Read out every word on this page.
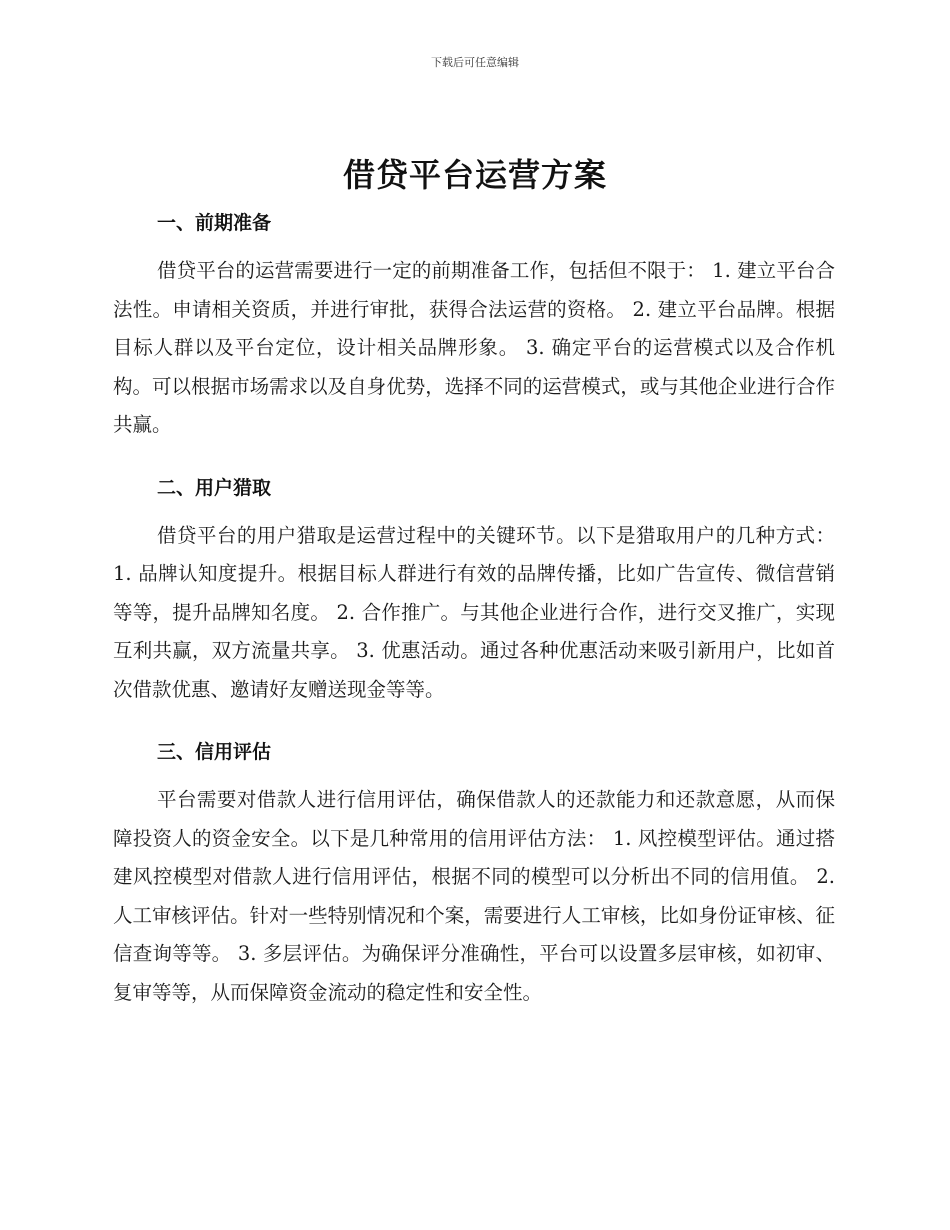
下载后可任意编辑
借贷平台运营方案
一、前期准备

借贷平台的运营需要进行一定的前期准备工作，包括但不限于： 1. 建立平台合法性。申请相关资质，并进行审批，获得合法运营的资格。 2. 建立平台品牌。根据目标人群以及平台定位，设计相关品牌形象。 3. 确定平台的运营模式以及合作机构。可以根据市场需求以及自身优势，选择不同的运营模式，或与其他企业进行合作共赢。

二、用户猎取

借贷平台的用户猎取是运营过程中的关键环节。以下是猎取用户的几种方式： 1. 品牌认知度提升。根据目标人群进行有效的品牌传播，比如广告宣传、微信营销等等，提升品牌知名度。 2. 合作推广。与其他企业进行合作，进行交叉推广，实现互利共赢，双方流量共享。 3. 优惠活动。通过各种优惠活动来吸引新用户，比如首次借款优惠、邀请好友赠送现金等等。

三、信用评估

平台需要对借款人进行信用评估，确保借款人的还款能力和还款意愿，从而保障投资人的资金安全。以下是几种常用的信用评估方法： 1. 风控模型评估。通过搭建风控模型对借款人进行信用评估，根据不同的模型可以分析出不同的信用值。 2. 人工审核评估。针对一些特别情况和个案，需要进行人工审核，比如身份证审核、征信查询等等。 3. 多层评估。为确保评分准确性，平台可以设置多层审核，如初审、复审等等，从而保障资金流动的稳定性和安全性。
